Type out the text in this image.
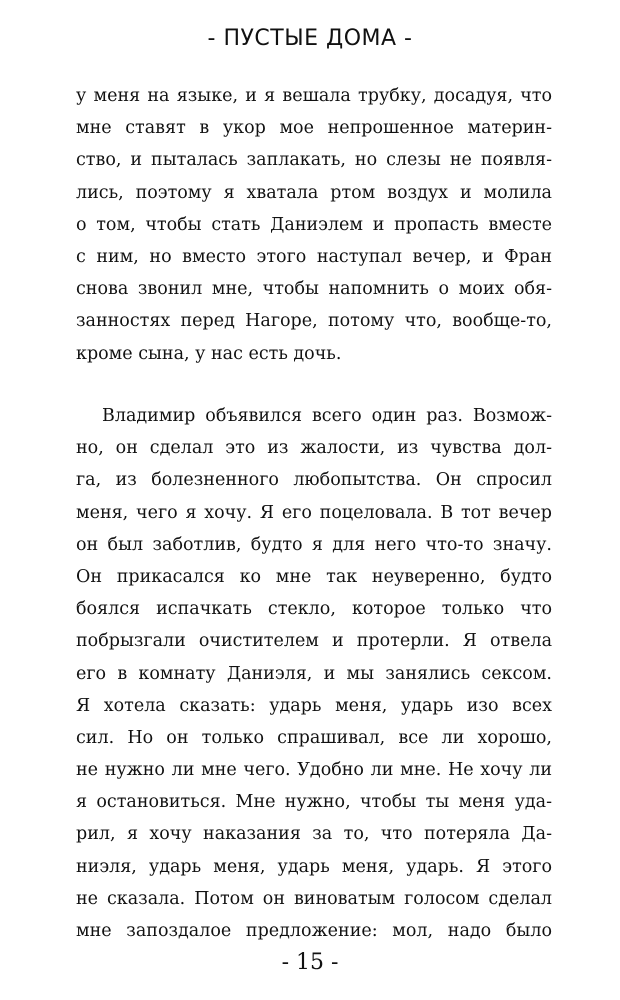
- ПУСТЫЕ ДОМА -
у меня на языке, и я вешала трубку, досадуя, что
мне ставят в укор мое непрошенное материн-
ство, и пыталась заплакать, но слезы не появля-
лись, поэтому я хватала ртом воздух и молила
о том, чтобы стать Даниэлем и пропасть вместе
с ним, но вместо этого наступал вечер, и Фран
снова звонил мне, чтобы напомнить о моих обя-
занностях перед Нагоре, потому что, вообще-то,
кроме сына, у нас есть дочь.
Владимир объявился всего один раз. Возмож-
но, он сделал это из жалости, из чувства дол-
га, из болезненного любопытства. Он спросил
меня, чего я хочу. Я его поцеловала. В тот вечер
он был заботлив, будто я для него что-то значу.
Он прикасался ко мне так неуверенно, будто
боялся испачкать стекло, которое только что
побрызгали очистителем и протерли. Я отвела
его в комнату Даниэля, и мы занялись сексом.
Я хотела сказать: ударь меня, ударь изо всех
сил. Но он только спрашивал, все ли хорошо,
не нужно ли мне чего. Удобно ли мне. Не хочу ли
я остановиться. Мне нужно, чтобы ты меня уда-
рил, я хочу наказания за то, что потеряла Да-
ниэля, ударь меня, ударь меня, ударь. Я этого
не сказала. Потом он виноватым голосом сделал
мне запоздалое предложение: мол, надо было
- 15 -
